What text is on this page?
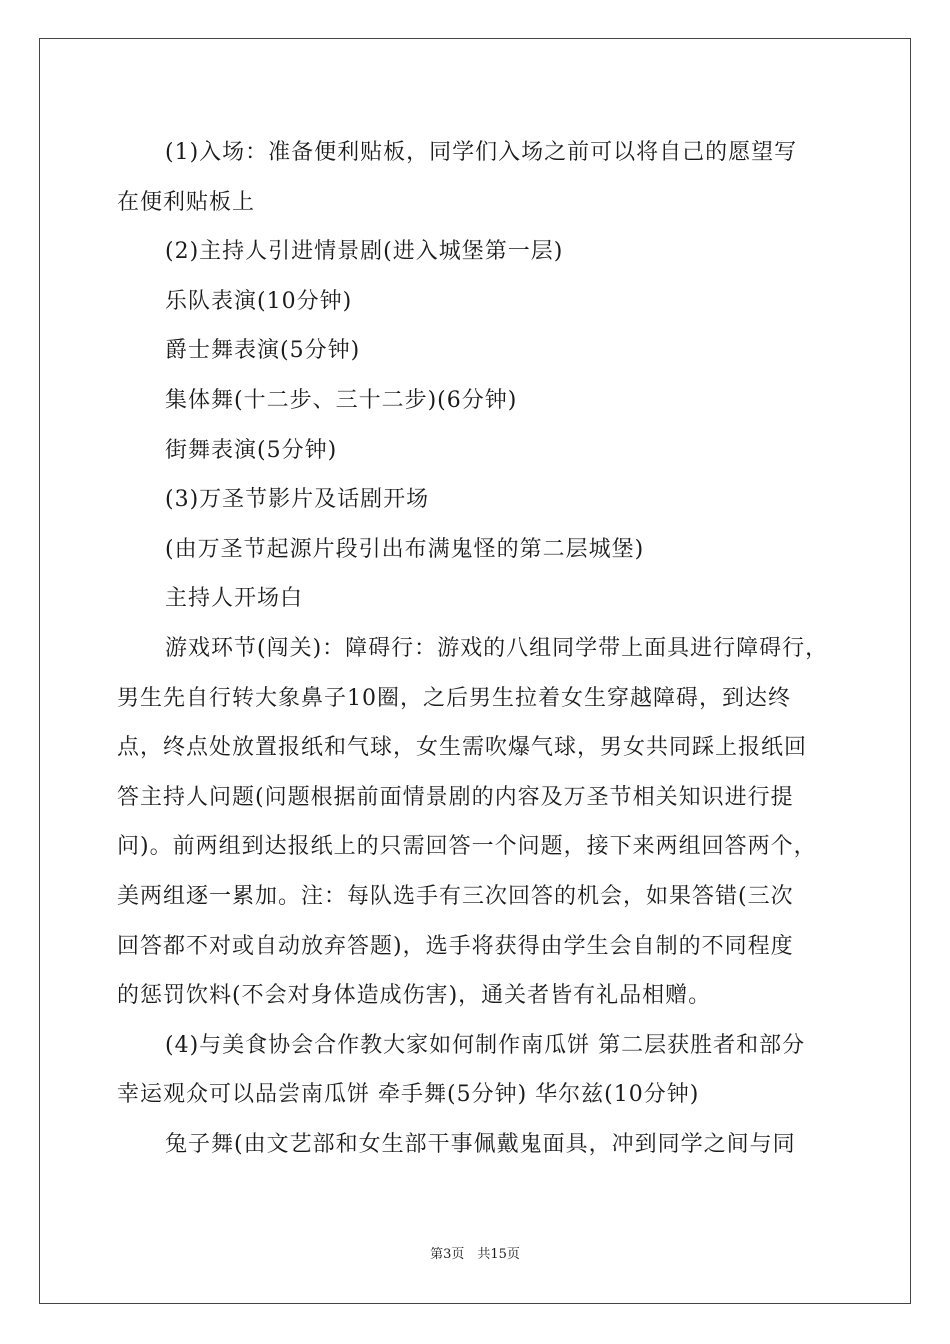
(1)入场：准备便利贴板，同学们入场之前可以将自己的愿望写
在便利贴板上
(2)主持人引进情景剧(进入城堡第一层)
乐队表演(10分钟)
爵士舞表演(5分钟)
集体舞(十二步、三十二步)(6分钟)
街舞表演(5分钟)
(3)万圣节影片及话剧开场
(由万圣节起源片段引出布满鬼怪的第二层城堡)
主持人开场白
游戏环节(闯关)：障碍行：游戏的八组同学带上面具进行障碍行，
男生先自行转大象鼻子10圈，之后男生拉着女生穿越障碍，到达终
点，终点处放置报纸和气球，女生需吹爆气球，男女共同踩上报纸回
答主持人问题(问题根据前面情景剧的内容及万圣节相关知识进行提
问)。前两组到达报纸上的只需回答一个问题，接下来两组回答两个，
美两组逐一累加。注：每队选手有三次回答的机会，如果答错(三次
回答都不对或自动放弃答题)，选手将获得由学生会自制的不同程度
的惩罚饮料(不会对身体造成伤害)，通关者皆有礼品相赠。
(4)与美食协会合作教大家如何制作南瓜饼 第二层获胜者和部分
幸运观众可以品尝南瓜饼 牵手舞(5分钟) 华尔兹(10分钟)
兔子舞(由文艺部和女生部干事佩戴鬼面具，冲到同学之间与同
第3页　共15页
